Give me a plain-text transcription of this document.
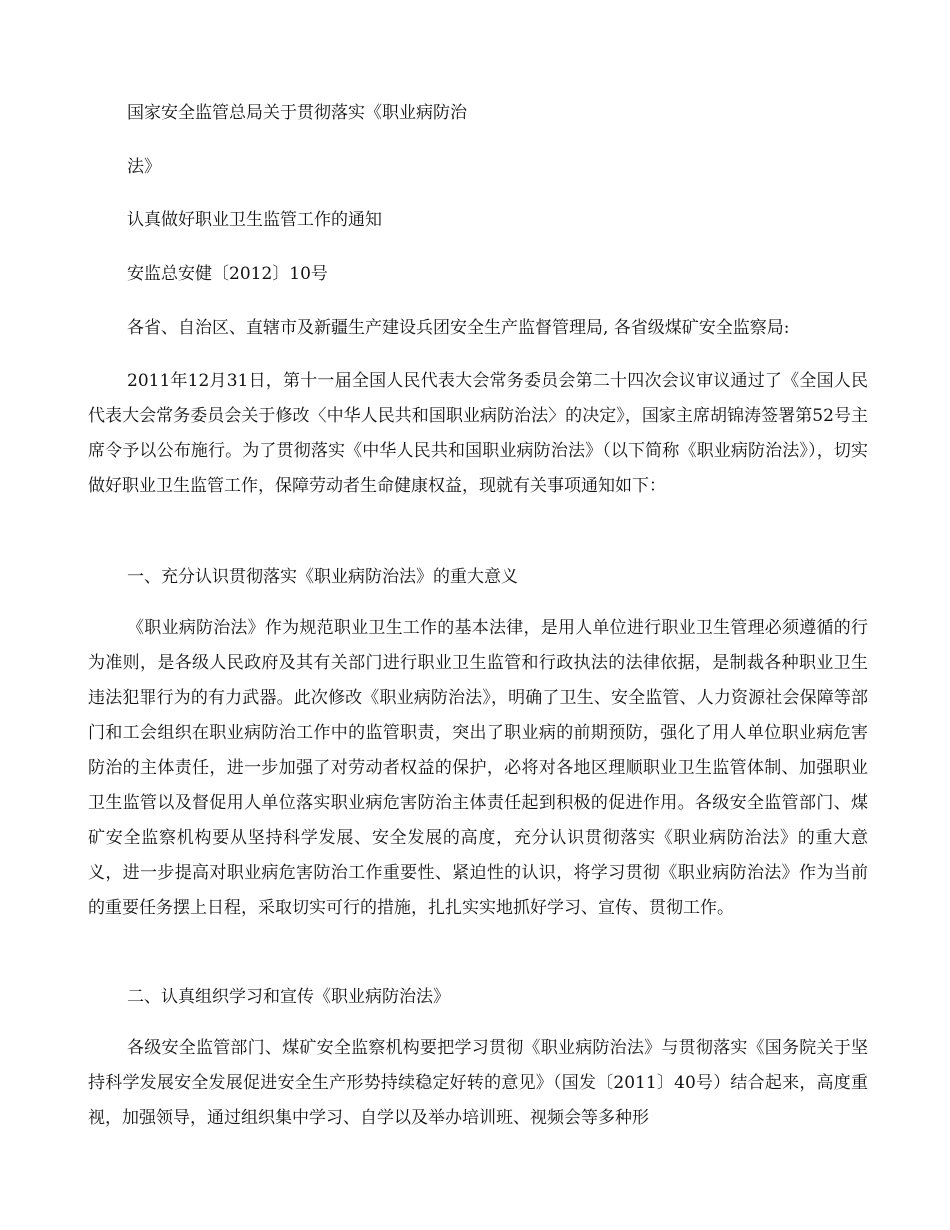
国家安全监管总局关于贯彻落实《职业病防治

法》

认真做好职业卫生监管工作的通知

安监总安健〔2012〕10号

各省、自治区、直辖市及新疆生产建设兵团安全生产监督管理局, 各省级煤矿安全监察局:

2011年12月31日，第十一届全国人民代表大会常务委员会第二十四次会议审议通过了《全国人民代表大会常务委员会关于修改〈中华人民共和国职业病防治法〉的决定》，国家主席胡锦涛签署第52号主席令予以公布施行。为了贯彻落实《中华人民共和国职业病防治法》（以下简称《职业病防治法》），切实做好职业卫生监管工作，保障劳动者生命健康权益，现就有关事项通知如下：

一、充分认识贯彻落实《职业病防治法》的重大意义

《职业病防治法》作为规范职业卫生工作的基本法律，是用人单位进行职业卫生管理必须遵循的行为准则，是各级人民政府及其有关部门进行职业卫生监管和行政执法的法律依据，是制裁各种职业卫生违法犯罪行为的有力武器。此次修改《职业病防治法》，明确了卫生、安全监管、人力资源社会保障等部门和工会组织在职业病防治工作中的监管职责，突出了职业病的前期预防，强化了用人单位职业病危害防治的主体责任，进一步加强了对劳动者权益的保护，必将对各地区理顺职业卫生监管体制、加强职业卫生监管以及督促用人单位落实职业病危害防治主体责任起到积极的促进作用。各级安全监管部门、煤矿安全监察机构要从坚持科学发展、安全发展的高度，充分认识贯彻落实《职业病防治法》的重大意义，进一步提高对职业病危害防治工作重要性、紧迫性的认识，将学习贯彻《职业病防治法》作为当前的重要任务摆上日程，采取切实可行的措施，扎扎实实地抓好学习、宣传、贯彻工作。

二、认真组织学习和宣传《职业病防治法》

各级安全监管部门、煤矿安全监察机构要把学习贯彻《职业病防治法》与贯彻落实《国务院关于坚持科学发展安全发展促进安全生产形势持续稳定好转的意见》（国发〔2011〕40号）结合起来，高度重视，加强领导，通过组织集中学习、自学以及举办培训班、视频会等多种形
